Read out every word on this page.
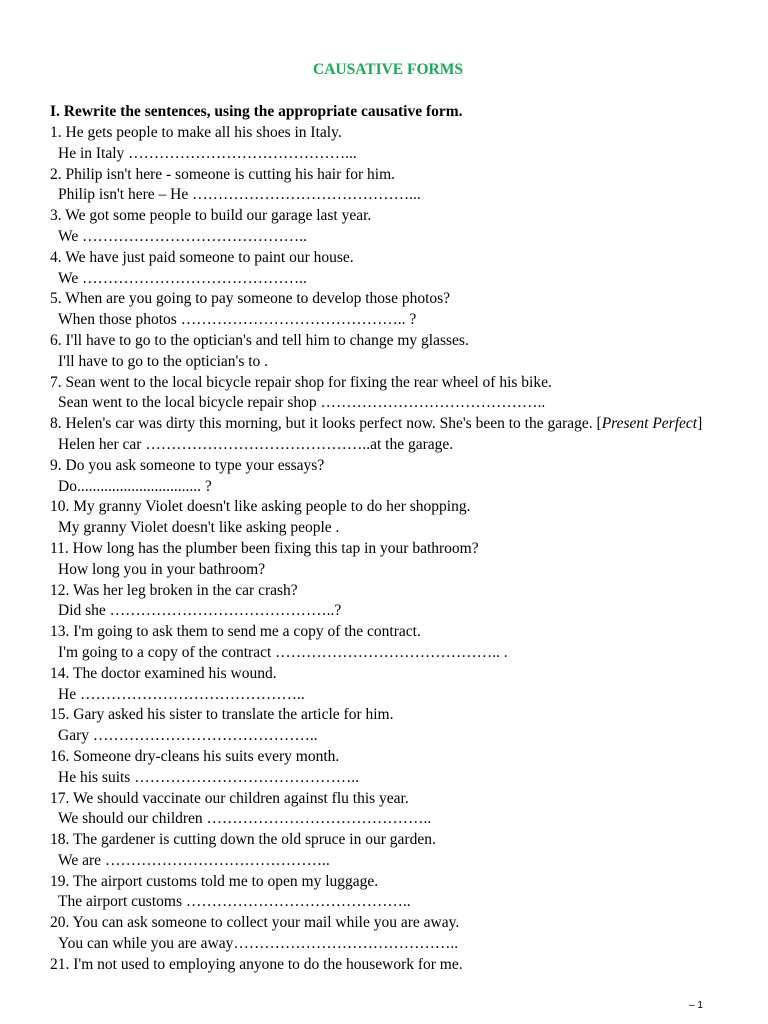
CAUSATIVE FORMS
I. Rewrite the sentences, using the appropriate causative form.
1. He gets people to make all his shoes in Italy.
He in Italy ……………………………………...
2. Philip isn't here - someone is cutting his hair for him.
Philip isn't here – He ……………………………………...
3. We got some people to build our garage last year.
We ……………………………………..
4. We have just paid someone to paint our house.
We ……………………………………..
5. When are you going to pay someone to develop those photos?
When those photos …………………………………….. ?
6. I'll have to go to the optician's and tell him to change my glasses.
I'll have to go to the optician's to .
7. Sean went to the local bicycle repair shop for fixing the rear wheel of his bike.
Sean went to the local bicycle repair shop ……………………………………..
8. Helen's car was dirty this morning, but it looks perfect now. She's been to the garage. [Present Perfect]
Helen her car ……………………………………..at the garage.
9. Do you ask someone to type your essays?
Do................................ ?
10. My granny Violet doesn't like asking people to do her shopping.
My granny Violet doesn't like asking people .
11. How long has the plumber been fixing this tap in your bathroom?
How long you in your bathroom?
12. Was her leg broken in the car crash?
Did she ……………………………………..?
13. I'm going to ask them to send me a copy of the contract.
I'm going to a copy of the contract …………………………………….. .
14. The doctor examined his wound.
He ……………………………………..
15. Gary asked his sister to translate the article for him.
Gary ……………………………………..
16. Someone dry-cleans his suits every month.
He his suits ……………………………………..
17. We should vaccinate our children against flu this year.
We should our children ……………………………………..
18. The gardener is cutting down the old spruce in our garden.
We are ……………………………………..
19. The airport customs told me to open my luggage.
The airport customs ……………………………………..
20. You can ask someone to collect your mail while you are away.
You can while you are away……………………………………..
21. I'm not used to employing anyone to do the housework for me.
– 1
